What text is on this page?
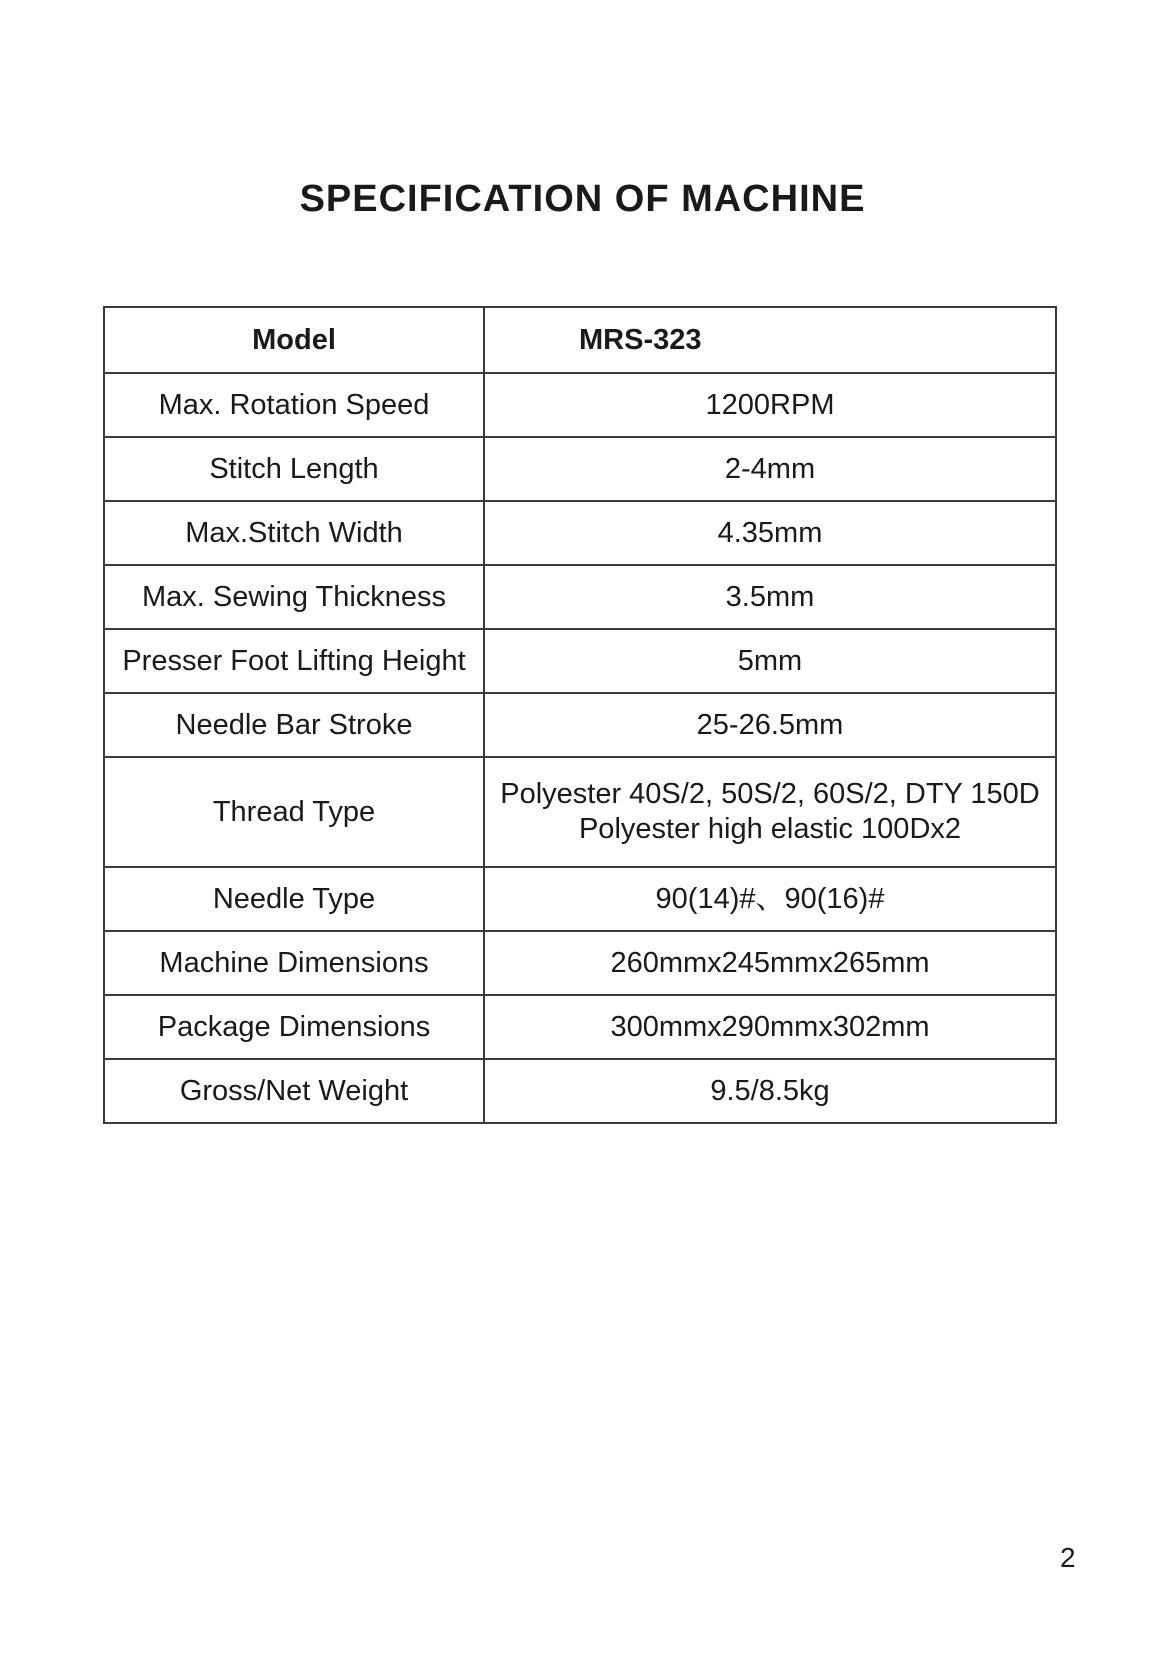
SPECIFICATION OF MACHINE
Model	MRS-323
Max. Rotation Speed	1200RPM
Stitch Length	2-4mm
Max.Stitch Width	4.35mm
Max. Sewing Thickness	3.5mm
Presser Foot Lifting Height	5mm
Needle Bar Stroke	25-26.5mm
Thread Type	Polyester 40S/2, 50S/2, 60S/2, DTY 150D
Polyester high elastic 100Dx2

Needle Type	90(14)#、90(16)#
Machine Dimensions	260mmx245mmx265mm
Package Dimensions	300mmx290mmx302mm
Gross/Net Weight	9.5/8.5kg
2
